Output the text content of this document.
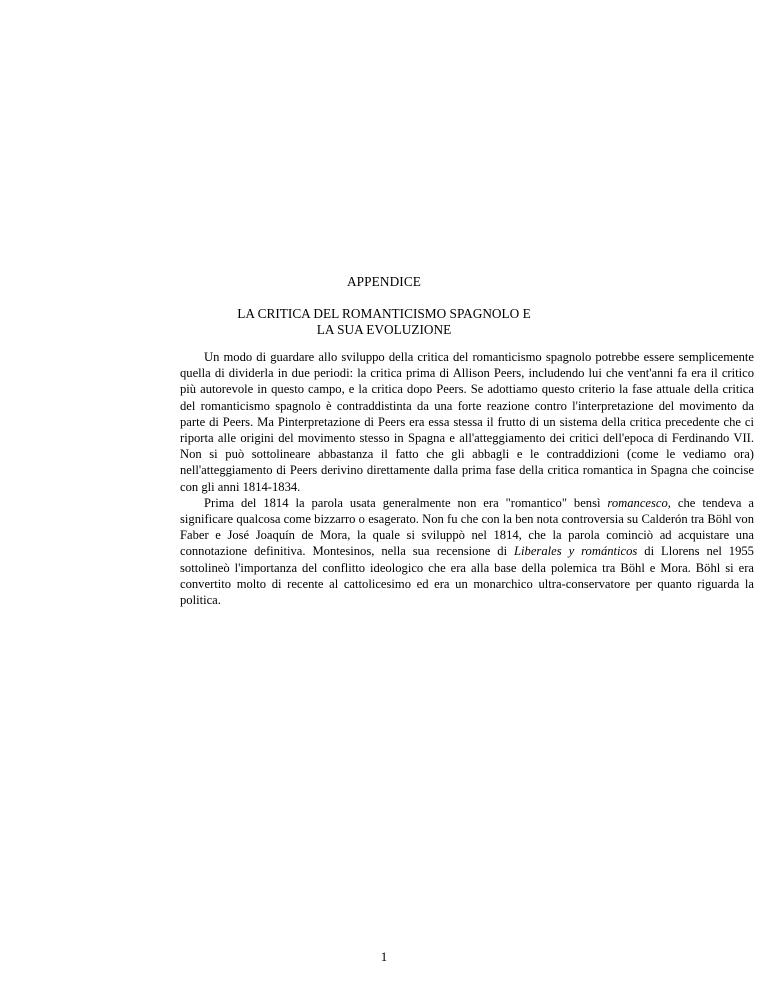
APPENDICE
LA CRITICA DEL ROMANTICISMO SPAGNOLO E
LA SUA EVOLUZIONE

Un modo di guardare allo sviluppo della critica del romanticismo spagnolo potrebbe essere semplicemente quella di dividerla in due periodi: la critica prima di Allison Peers, includendo lui che vent'anni fa era il critico più autorevole in questo campo, e la critica dopo Peers. Se adottiamo questo criterio la fase attuale della critica del romanticismo spagnolo è contraddistinta da una forte reazione contro l'interpretazione del movimento da parte di Peers. Ma Pinterpretazione di Peers era essa stessa il frutto di un sistema della critica precedente che ci riporta alle origini del movimento stesso in Spagna e all'atteggiamento dei critici dell'epoca di Ferdinando VII. Non si può sottolineare abbastanza il fatto che gli abbagli e le contraddizioni (come le vediamo ora) nell'atteggiamento di Peers derivino direttamente dalla prima fase della critica romantica in Spagna che coincise con gli anni 1814-1834.

Prima del 1814 la parola usata generalmente non era "romantico" bensì romancesco, che tendeva a significare qualcosa come bizzarro o esagerato. Non fu che con la ben nota controversia su Calderón tra Böhl von Faber e José Joaquín de Mora, la quale si sviluppò nel 1814, che la parola cominciò ad acquistare una connotazione definitiva. Montesinos, nella sua recensione di Liberales y románticos di Llorens nel 1955 sottolineò l'importanza del conflitto ideologico che era alla base della polemica tra Böhl e Mora. Böhl si era convertito molto di recente al cattolicesimo ed era un monarchico ultra-conservatore per quanto riguarda la politica.

1
